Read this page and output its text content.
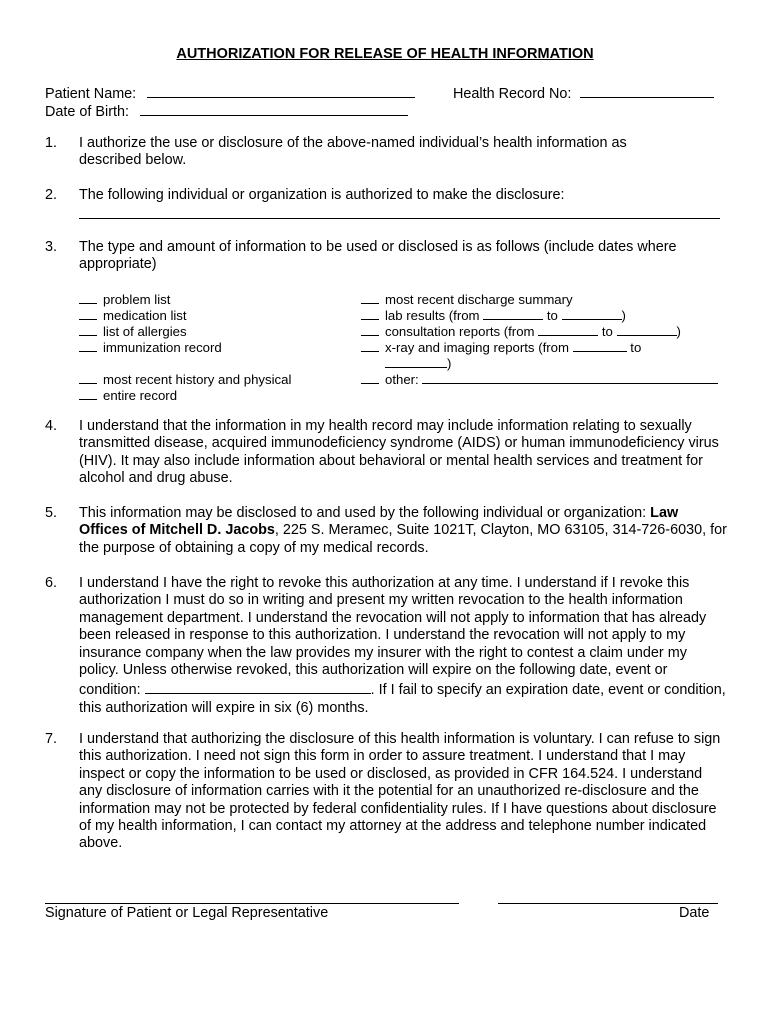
AUTHORIZATION FOR RELEASE OF HEALTH INFORMATION
Patient Name:	Health Record No:
Date of Birth:
1. I authorize the use or disclosure of the above-named individual’s health information as described below.
2. The following individual or organization is authorized to make the disclosure:
3. The type and amount of information to be used or disclosed is as follows (include dates where appropriate)
problem list
medication list
list of allergies
immunization record
most recent history and physical
entire record
most recent discharge summary
lab results (from	to	)
consultation reports (from	to	)
x-ray and imaging reports (from	to
)
other:
4. I understand that the information in my health record may include information relating to sexually transmitted disease, acquired immunodeficiency syndrome (AIDS) or human immunodeficiency virus (HIV). It may also include information about behavioral or mental health services and treatment for alcohol and drug abuse.
5. This information may be disclosed to and used by the following individual or organization: Law Offices of Mitchell D. Jacobs, 225 S. Meramec, Suite 1021T, Clayton, MO 63105, 314-726-6030, for the purpose of obtaining a copy of my medical records.
6. I understand I have the right to revoke this authorization at any time. I understand if I revoke this authorization I must do so in writing and present my written revocation to the health information management department. I understand the revocation will not apply to information that has already been released in response to this authorization. I understand the revocation will not apply to my insurance company when the law provides my insurer with the right to contest a claim under my policy. Unless otherwise revoked, this authorization will expire on the following date, event or condition:	. If I fail to specify an expiration date, event or condition, this authorization will expire in six (6) months.
7. I understand that authorizing the disclosure of this health information is voluntary. I can refuse to sign this authorization. I need not sign this form in order to assure treatment. I understand that I may inspect or copy the information to be used or disclosed, as provided in CFR 164.524. I understand any disclosure of information carries with it the potential for an unauthorized re-disclosure and the information may not be protected by federal confidentiality rules. If I have questions about disclosure of my health information, I can contact my attorney at the address and telephone number indicated above.
Signature of Patient or Legal Representative	Date
